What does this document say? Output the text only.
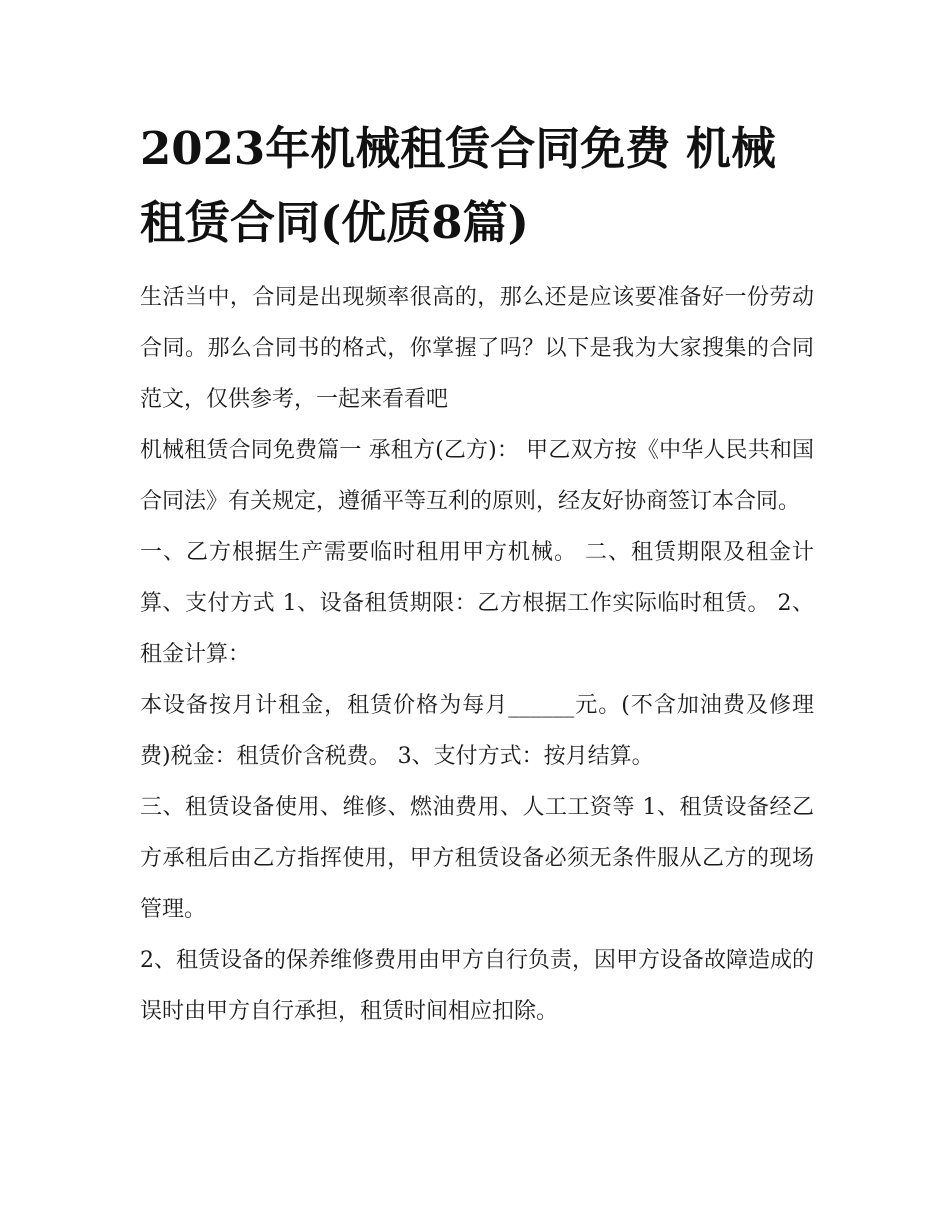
2023年机械租赁合同免费 机械租赁合同(优质8篇)

生活当中，合同是出现频率很高的，那么还是应该要准备好一份劳动合同。那么合同书的格式，你掌握了吗？以下是我为大家搜集的合同范文，仅供参考，一起来看看吧

机械租赁合同免费篇一 承租方(乙方)： 甲乙双方按《中华人民共和国合同法》有关规定，遵循平等互利的原则，经友好协商签订本合同。

一、乙方根据生产需要临时租用甲方机械。 二、租赁期限及租金计算、支付方式 1、设备租赁期限：乙方根据工作实际临时租赁。 2、租金计算：

本设备按月计租金，租赁价格为每月______元。(不含加油费及修理费)税金：租赁价含税费。 3、支付方式：按月结算。

三、租赁设备使用、维修、燃油费用、人工工资等 1、租赁设备经乙方承租后由乙方指挥使用，甲方租赁设备必须无条件服从乙方的现场管理。

2、租赁设备的保养维修费用由甲方自行负责，因甲方设备故障造成的误时由甲方自行承担，租赁时间相应扣除。
